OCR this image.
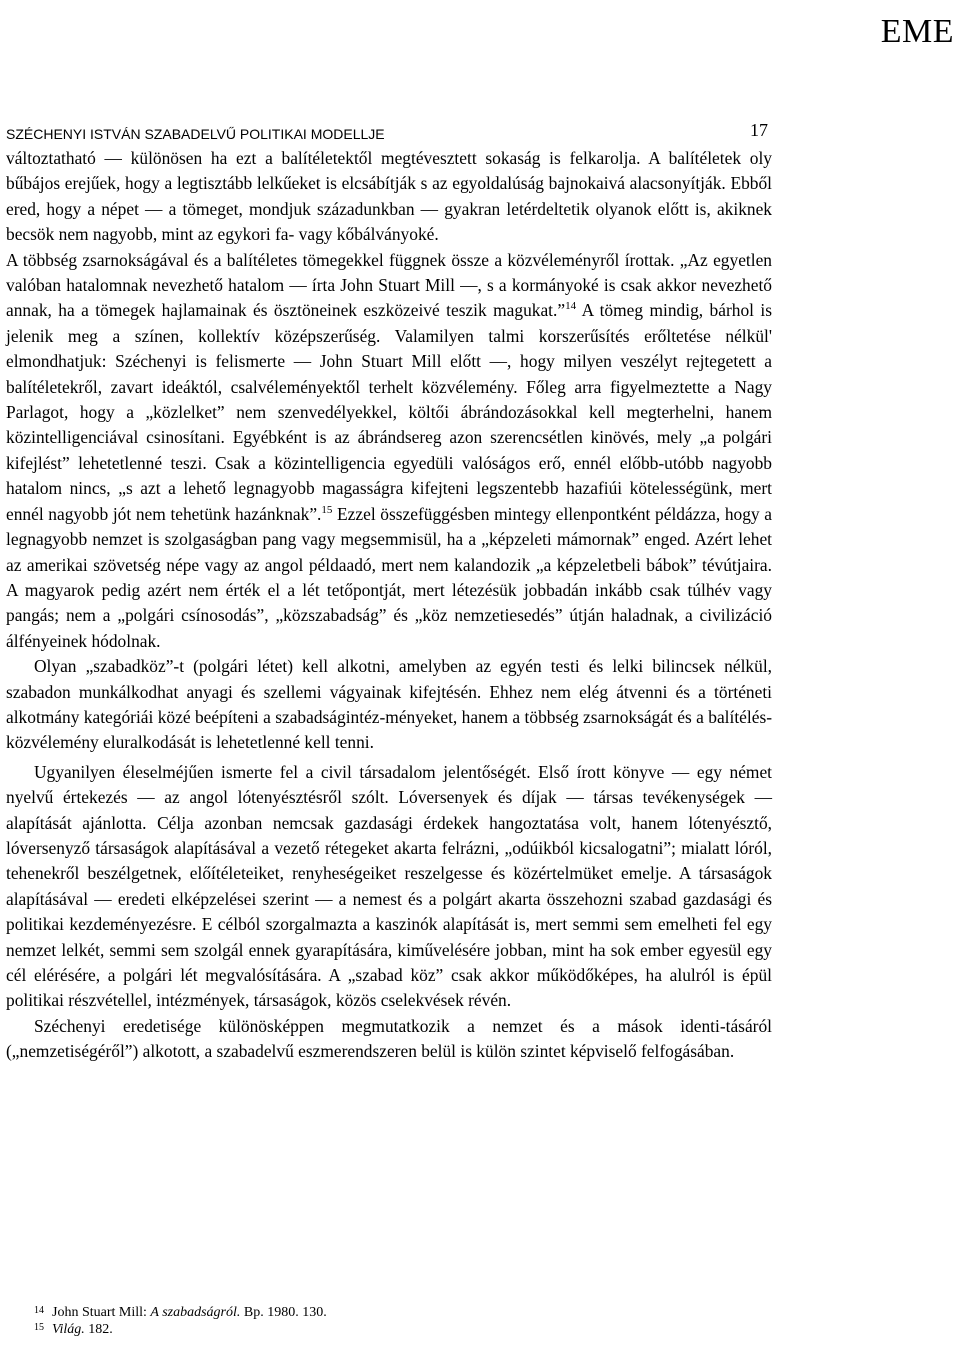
EME
SZÉCHENYI ISTVÁN SZABADELVŰ POLITIKAI MODELLJE	17

változtatható — különösen ha ezt a balítéletektől megtévesztett sokaság is felkarolja. A balítéletek oly bűbájos erejűek, hogy a legtisztább lelkűeket is elcsábítják s az egyoldalúság bajnokaivá alacsonyítják. Ebből ered, hogy a népet — a tömeget, mondjuk századunkban — gyakran letérdeltetik olyanok előtt is, akiknek becsök nem nagyobb, mint az egykori fa- vagy kőbálványoké.

A többség zsarnokságával és a balítéletes tömegekkel függnek össze a közvéleményről írottak. „Az egyetlen valóban hatalomnak nevezhető hatalom — írta John Stuart Mill —, s a kormányoké is csak akkor nevezhető annak, ha a tömegek hajlamainak és ösztöneinek eszközeivé teszik magukat.”$^{14}$ A tömeg mindig, bárhol is jelenik meg a színen, kollektív középszerűség. Valamilyen talmi korszerűsítés erőltetése nélkül' elmondhatjuk: Széchenyi is felismerte — John Stuart Mill előtt —, hogy milyen veszélyt rejtegetett a balítéletekről, zavart ideáktól, csalvéleményektől terhelt közvélemény. Főleg arra figyelmeztette a Nagy Parlagot, hogy a „közlelket” nem szenvedélyekkel, költői ábrándozásokkal kell megterhelni, hanem közintelligenciával csinosítani. Egyébként is az ábrándsereg azon szerencsétlen kinövés, mely „a polgári kifejlést” lehetetlenné teszi. Csak a közintelligencia egyedüli valóságos erő, ennél előbb-utóbb nagyobb hatalom nincs, „s azt a lehető legnagyobb magasságra kifejteni legszentebb hazafiúi kötelességünk, mert ennél nagyobb jót nem tehetünk hazánknak”.$^{15}$ Ezzel összefüggésben mintegy ellenpontként példázza, hogy a legnagyobb nemzet is szolgaságban pang vagy megsemmisül, ha a „képzeleti mámornak” enged. Azért lehet az amerikai szövetség népe vagy az angol példaadó, mert nem kalandozik „a képzeletbeli bábok” tévútjaira. A magyarok pedig azért nem érték el a lét tetőpontját, mert létezésük jobbadán inkább csak túlhév vagy pangás; nem a „polgári csínosodás”, „közszabadság” és „köz nemzetiesedés” útján haladnak, a civilizáció álfényeinek hódolnak.

Olyan „szabadköz”-t (polgári létet) kell alkotni, amelyben az egyén testi és lelki bilincsek nélkül, szabadon munkálkodhat anyagi és szellemi vágyainak kifejtésén. Ehhez nem elég átvenni és a történeti alkotmány kategóriái közé beépíteni a szabadságintéz-ményeket, hanem a többség zsarnokságát és a balítélés-közvélemény eluralkodását is lehetetlenné kell tenni.

Ugyanilyen éleselméjűen ismerte fel a civil társadalom jelentőségét. Első írott könyve — egy német nyelvű értekezés — az angol lótenyésztésről szólt. Lóversenyek és díjak — társas tevékenységek — alapítását ajánlotta. Célja azonban nemcsak gazdasági érdekek hangoztatása volt, hanem lótenyésztő, lóversenyző társaságok alapításával a vezető rétegeket akarta felrázni, „odúikból kicsalogatni”; mialatt lóról, tehenekről beszélgetnek, előítéleteiket, renyheségeiket reszelgesse és közértelmüket emelje. A társaságok alapításával — eredeti elképzelései szerint — a nemest és a polgárt akarta összehozni szabad gazdasági és politikai kezdeményezésre. E célból szorgalmazta a kaszinók alapítását is, mert semmi sem emelheti fel egy nemzet lelkét, semmi sem szolgál ennek gyarapítására, kiművelésére jobban, mint ha sok ember egyesül egy cél elérésére, a polgári lét megvalósítására. A „szabad köz” csak akkor működőképes, ha alulról is épül politikai részvétellel, intézmények, társaságok, közös cselekvések révén.

Széchenyi eredetisége különösképpen megmutatkozik a nemzet és a mások identi-tásáról („nemzetiségéről”) alkotott, a szabadelvű eszmerendszeren belül is külön szintet képviselő felfogásában.

14 John Stuart Mill: A szabadságról. Bp. 1980. 130.
15 Világ. 182.
